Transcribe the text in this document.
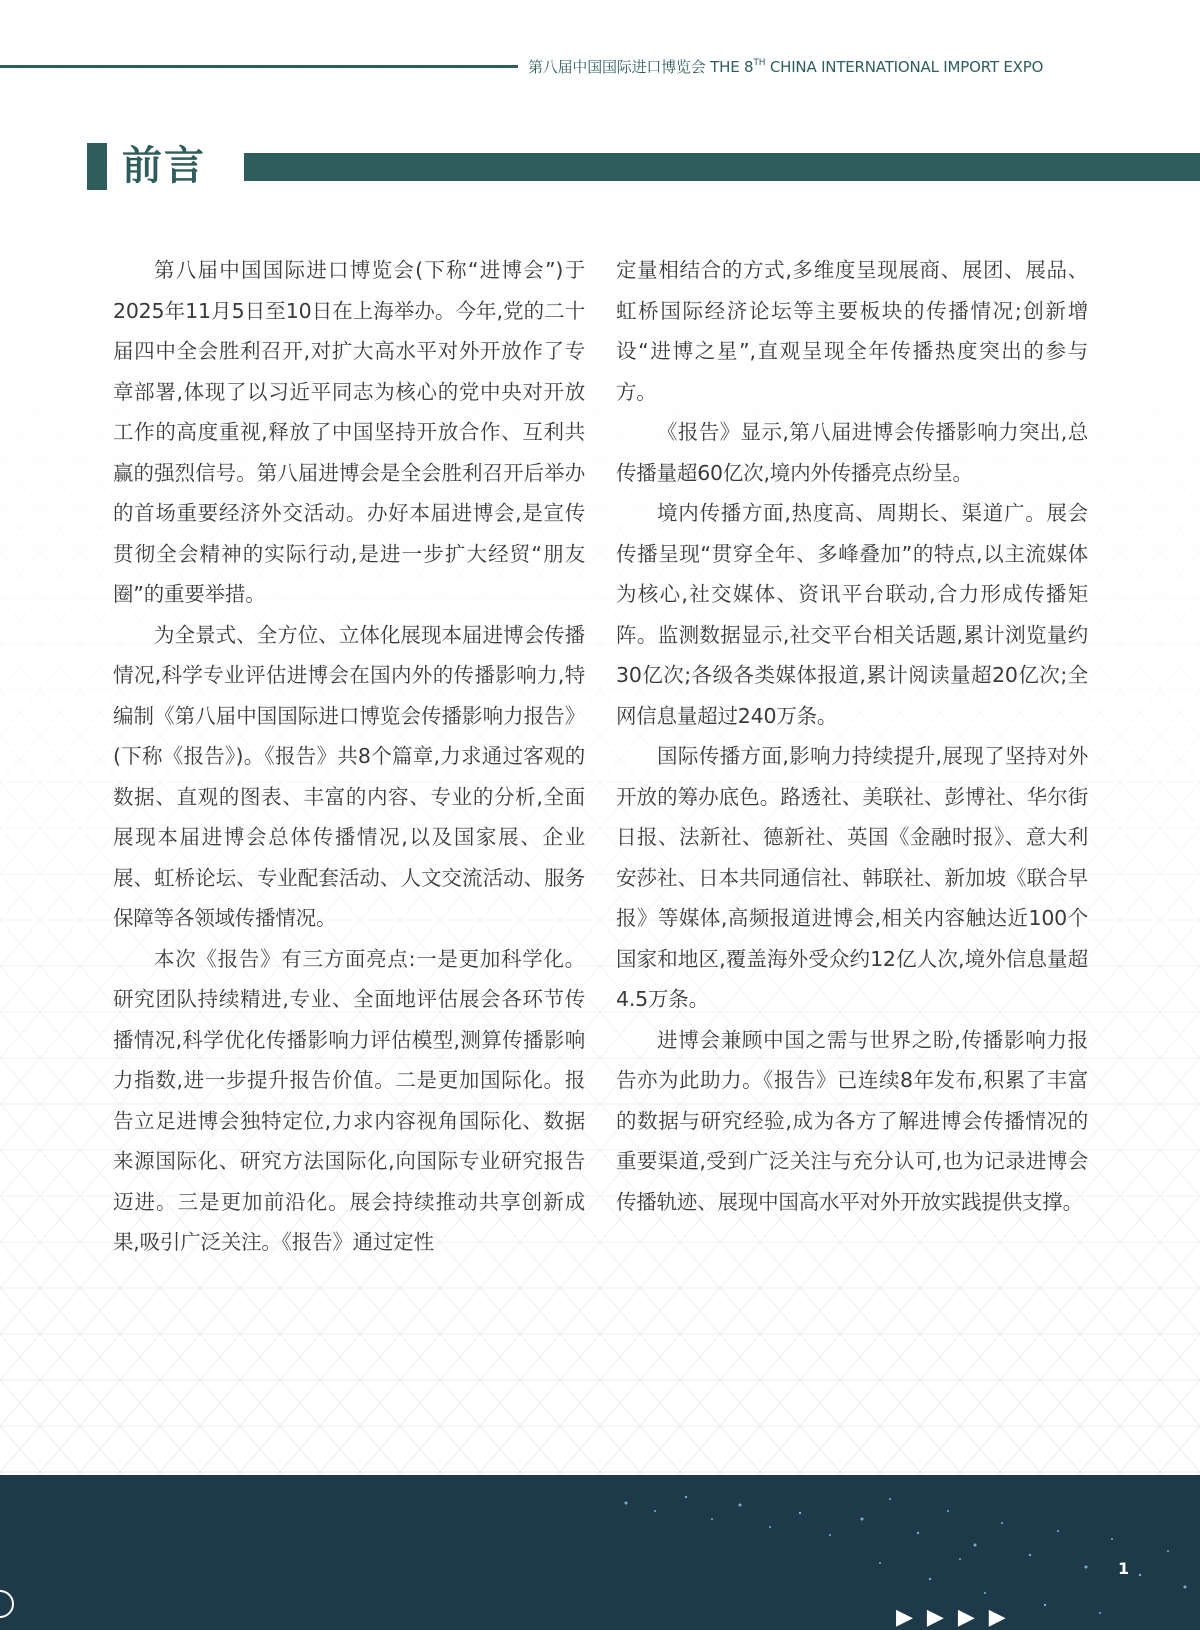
第八届中国国际进口博览会 THE 8TH CHINA INTERNATIONAL IMPORT EXPO
前言

第八届中国国际进口博览会(下称“进博会”)于2025年11月5日至10日在上海举办。今年,党的二十届四中全会胜利召开,对扩大高水平对外开放作了专章部署,体现了以习近平同志为核心的党中央对开放工作的高度重视,释放了中国坚持开放合作、互利共赢的强烈信号。第八届进博会是全会胜利召开后举办的首场重要经济外交活动。办好本届进博会,是宣传贯彻全会精神的实际行动,是进一步扩大经贸“朋友圈”的重要举措。

为全景式、全方位、立体化展现本届进博会传播情况,科学专业评估进博会在国内外的传播影响力,特编制《第八届中国国际进口博览会传播影响力报告》(下称《报告》)。《报告》共8个篇章,力求通过客观的数据、直观的图表、丰富的内容、专业的分析,全面展现本届进博会总体传播情况,以及国家展、企业展、虹桥论坛、专业配套活动、人文交流活动、服务保障等各领域传播情况。

本次《报告》有三方面亮点:一是更加科学化。研究团队持续精进,专业、全面地评估展会各环节传播情况,科学优化传播影响力评估模型,测算传播影响力指数,进一步提升报告价值。二是更加国际化。报告立足进博会独特定位,力求内容视角国际化、数据来源国际化、研究方法国际化,向国际专业研究报告迈进。三是更加前沿化。展会持续推动共享创新成果,吸引广泛关注。《报告》通过定性

定量相结合的方式,多维度呈现展商、展团、展品、虹桥国际经济论坛等主要板块的传播情况;创新增设“进博之星”,直观呈现全年传播热度突出的参与方。

《报告》显示,第八届进博会传播影响力突出,总传播量超60亿次,境内外传播亮点纷呈。

境内传播方面,热度高、周期长、渠道广。展会传播呈现“贯穿全年、多峰叠加”的特点,以主流媒体为核心,社交媒体、资讯平台联动,合力形成传播矩阵。监测数据显示,社交平台相关话题,累计浏览量约30亿次;各级各类媒体报道,累计阅读量超20亿次;全网信息量超过240万条。

国际传播方面,影响力持续提升,展现了坚持对外开放的筹办底色。路透社、美联社、彭博社、华尔街日报、法新社、德新社、英国《金融时报》、意大利安莎社、日本共同通信社、韩联社、新加坡《联合早报》等媒体,高频报道进博会,相关内容触达近100个国家和地区,覆盖海外受众约12亿人次,境外信息量超4.5万条。

进博会兼顾中国之需与世界之盼,传播影响力报告亦为此助力。《报告》已连续8年发布,积累了丰富的数据与研究经验,成为各方了解进博会传播情况的重要渠道,受到广泛关注与充分认可,也为记录进博会传播轨迹、展现中国高水平对外开放实践提供支撑。

1
▶▶▶▶
